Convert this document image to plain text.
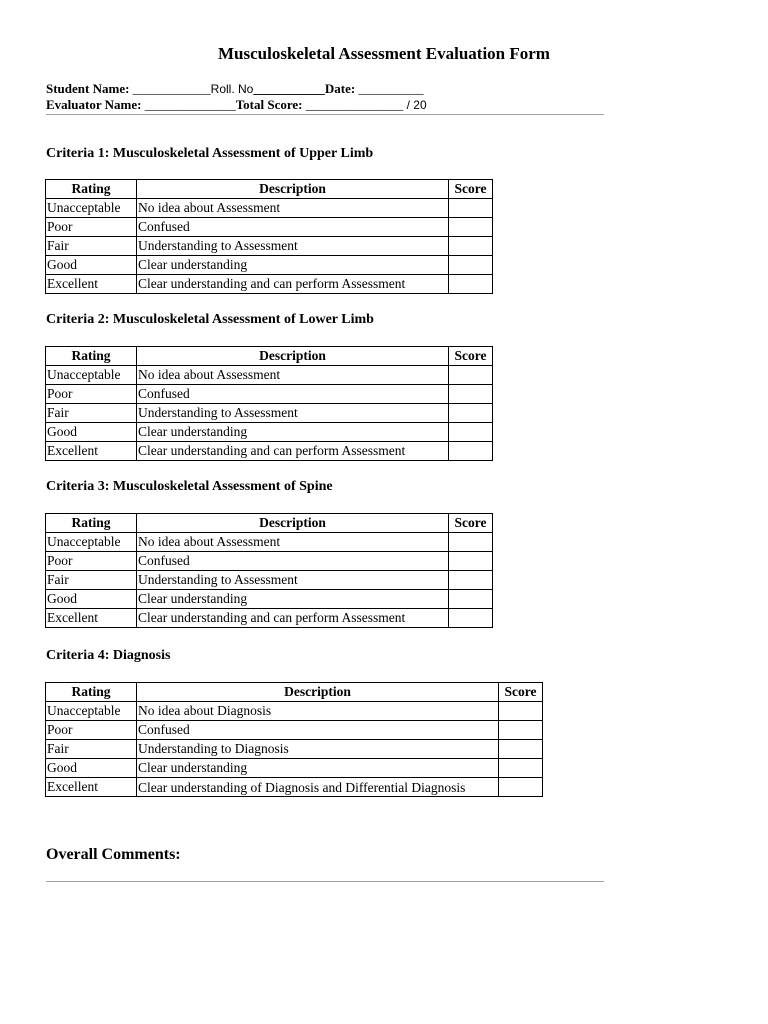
Musculoskeletal Assessment Evaluation Form
Student Name: ____________Roll. No___________Date: __________
Evaluator Name: ______________Total Score: _______________ / 20
Criteria 1: Musculoskeletal Assessment of Upper Limb
Rating	Description	Score
Unacceptable	No idea about Assessment	
Poor	Confused	
Fair	Understanding to Assessment	
Good	Clear understanding	
Excellent	Clear understanding and can perform Assessment	
Criteria 2: Musculoskeletal Assessment of Lower Limb
Rating	Description	Score
Unacceptable	No idea about Assessment	
Poor	Confused	
Fair	Understanding to Assessment	
Good	Clear understanding	
Excellent	Clear understanding and can perform Assessment	
Criteria 3: Musculoskeletal Assessment of Spine
Rating	Description	Score
Unacceptable	No idea about Assessment	
Poor	Confused	
Fair	Understanding to Assessment	
Good	Clear understanding	
Excellent	Clear understanding and can perform Assessment	
Criteria 4: Diagnosis
Rating	Description	Score
Unacceptable	No idea about Diagnosis	
Poor	Confused	
Fair	Understanding to Diagnosis	
Good	Clear understanding	
Excellent	Clear understanding of Diagnosis and Differential Diagnosis	
Overall Comments:
